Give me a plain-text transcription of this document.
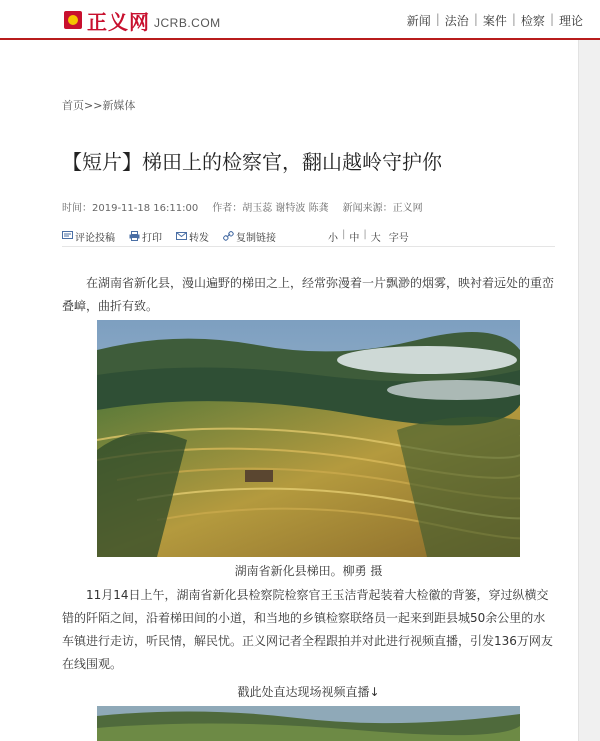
正义网 JCRB.COM	新闻 | 法治 | 案件 | 检察 | 理论
首页>>新媒体
【短片】梯田上的检察官，翻山越岭守护你
时间：2019-11-18 16:11:00 作者：胡玉蕊 谢特波 陈龚 新闻来源：正义网
评论投稿	打印	转发	复制链接	小 | 中 | 大 字号

在湖南省新化县，漫山遍野的梯田之上，经常弥漫着一片飘渺的烟雾，映衬着远处的重峦叠嶂，曲折有致。

湖南省新化县梯田。柳勇 摄

11月14日上午，湖南省新化县检察院检察官王玉洁背起装着大检徽的背篓，穿过纵横交错的阡陌之间，沿着梯田间的小道，和当地的乡镇检察联络员一起来到距县城50余公里的水车镇进行走访，听民情，解民忧。正义网记者全程跟拍并对此进行视频直播，引发136万网友在线围观。

戳此处直达现场视频直播↓
